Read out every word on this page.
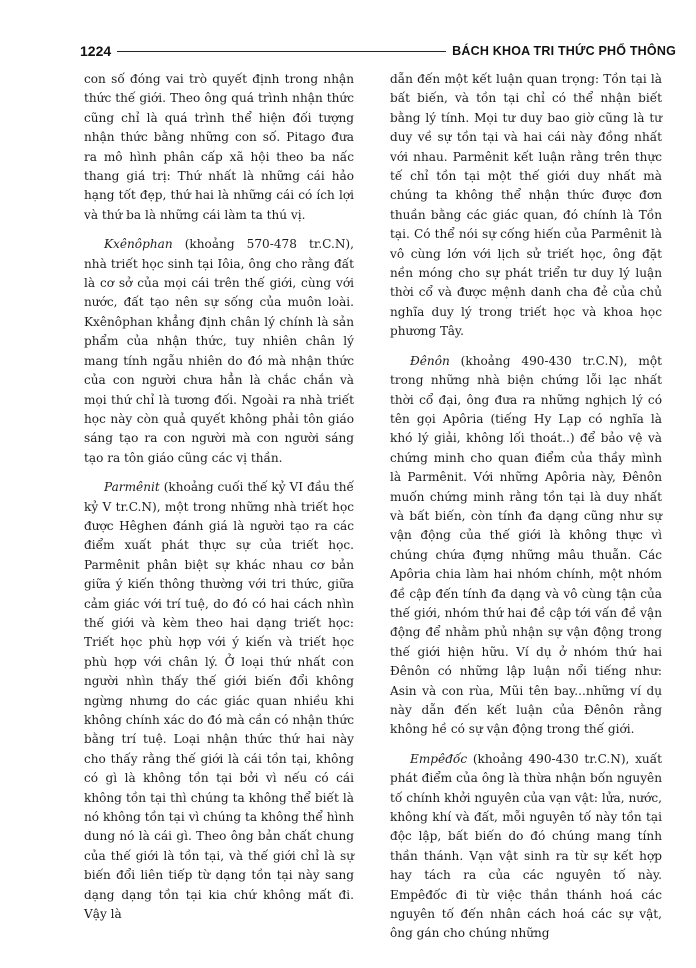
1224	BÁCH KHOA TRI THỨC PHỔ THÔNG

con số đóng vai trò quyết định trong nhận thức thế giới. Theo ông quá trình nhận thức cũng chỉ là quá trình thể hiện đối tượng nhận thức bằng những con số. Pitago đưa ra mô hình phân cấp xã hội theo ba nấc thang giá trị: Thứ nhất là những cái hảo hạng tốt đẹp, thứ hai là những cái có ích lợi và thứ ba là những cái làm ta thú vị.

Kxênôphan (khoảng 570-478 tr.C.N), nhà triết học sinh tại Iôia, ông cho rằng đất là cơ sở của mọi cái trên thế giới, cùng với nước, đất tạo nên sự sống của muôn loài. Kxênôphan khẳng định chân lý chính là sản phẩm của nhận thức, tuy nhiên chân lý mang tính ngẫu nhiên do đó mà nhận thức của con người chưa hẳn là chắc chắn và mọi thứ chỉ là tương đối. Ngoài ra nhà triết học này còn quả quyết không phải tôn giáo sáng tạo ra con người mà con người sáng tạo ra tôn giáo cũng các vị thần.

Parmênit (khoảng cuối thế kỷ VI đầu thế kỷ V tr.C.N), một trong những nhà triết học được Hêghen đánh giá là người tạo ra các điểm xuất phát thực sự của triết học. Parmênit phân biệt sự khác nhau cơ bản giữa ý kiến thông thường với tri thức, giữa cảm giác với trí tuệ, do đó có hai cách nhìn thế giới và kèm theo hai dạng triết học: Triết học phù hợp với ý kiến và triết học phù hợp với chân lý. Ở loại thứ nhất con người nhìn thấy thế giới biến đổi không ngừng nhưng do các giác quan nhiều khi không chính xác do đó mà cần có nhận thức bằng trí tuệ. Loại nhận thức thứ hai này cho thấy rằng thế giới là cái tồn tại, không có gì là không tồn tại bởi vì nếu có cái không tồn tại thì chúng ta không thể biết là nó không tồn tại vì chúng ta không thể hình dung nó là cái gì. Theo ông bản chất chung của thế giới là tồn tại, và thế giới chỉ là sự biến đổi liên tiếp từ dạng tồn tại này sang dạng dạng tồn tại kia chứ không mất đi. Vậy là

dẫn đến một kết luận quan trọng: Tồn tại là bất biến, và tồn tại chỉ có thể nhận biết bằng lý tính. Mọi tư duy bao giờ cũng là tư duy về sự tồn tại và hai cái này đồng nhất với nhau. Parmênit kết luận rằng trên thực tế chỉ tồn tại một thế giới duy nhất mà chúng ta không thể nhận thức được đơn thuần bằng các giác quan, đó chính là Tồn tại. Có thể nói sự cống hiến của Parmênit là vô cùng lớn với lịch sử triết học, ông đặt nền móng cho sự phát triển tư duy lý luận thời cổ và được mệnh danh cha đẻ của chủ nghĩa duy lý trong triết học và khoa học phương Tây.

Đênôn (khoảng 490-430 tr.C.N), một trong những nhà biện chứng lỗi lạc nhất thời cổ đại, ông đưa ra những nghịch lý có tên gọi Apôria (tiếng Hy Lạp có nghĩa là khó lý giải, không lối thoát..) để bảo vệ và chứng minh cho quan điểm của thầy mình là Parmênit. Với những Apôria này, Đênôn muốn chứng minh rằng tồn tại là duy nhất và bất biến, còn tính đa dạng cũng như sự vận động của thế giới là không thực vì chúng chứa đựng những mâu thuẫn. Các Apôria chia làm hai nhóm chính, một nhóm đề cập đến tính đa dạng và vô cùng tận của thế giới, nhóm thứ hai đề cập tới vấn đề vận động để nhằm phủ nhận sự vận động trong thế giới hiện hữu. Ví dụ ở nhóm thứ hai Đênôn có những lập luận nổi tiếng như: Asin và con rùa, Mũi tên bay...những ví dụ này dẫn đến kết luận của Đênôn rằng không hề có sự vận động trong thế giới.

Empêđốc (khoảng 490-430 tr.C.N), xuất phát điểm của ông là thừa nhận bốn nguyên tố chính khởi nguyên của vạn vật: lửa, nước, không khí và đất, mỗi nguyên tố này tồn tại độc lập, bất biến do đó chúng mang tính thần thánh. Vạn vật sinh ra từ sự kết hợp hay tách ra của các nguyên tố này. Empêđốc đi từ việc thần thánh hoá các nguyên tố đến nhân cách hoá các sự vật, ông gán cho chúng những
